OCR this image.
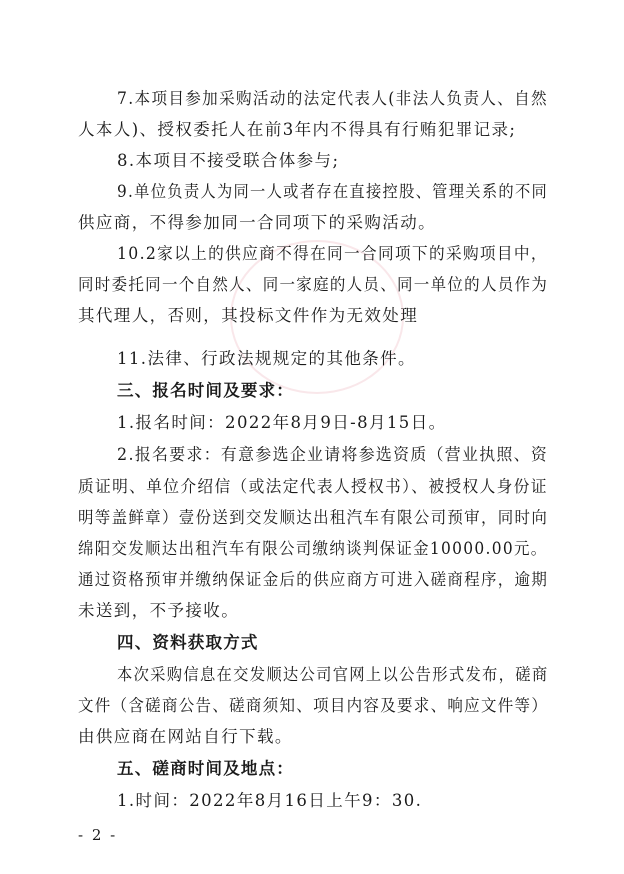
7.本项目参加采购活动的法定代表人(非法人负责人、自然
人本人)、授权委托人在前3年内不得具有行贿犯罪记录;
8.本项目不接受联合体参与;
9.单位负责人为同一人或者存在直接控股、管理关系的不同
供应商，不得参加同一合同项下的采购活动。
10.2家以上的供应商不得在同一合同项下的采购项目中，
同时委托同一个自然人、同一家庭的人员、同一单位的人员作为
其代理人，否则，其投标文件作为无效处理
11.法律、行政法规规定的其他条件。
三、报名时间及要求：
1.报名时间：2022年8月9日-8月15日。
2.报名要求：有意参选企业请将参选资质（营业执照、资
质证明、单位介绍信（或法定代表人授权书）、被授权人身份证
明等盖鲜章）壹份送到交发顺达出租汽车有限公司预审，同时向
绵阳交发顺达出租汽车有限公司缴纳谈判保证金10000.00元。
通过资格预审并缴纳保证金后的供应商方可进入磋商程序，逾期
未送到，不予接收。
四、资料获取方式
本次采购信息在交发顺达公司官网上以公告形式发布，磋商
文件（含磋商公告、磋商须知、项目内容及要求、响应文件等）
由供应商在网站自行下载。
五、磋商时间及地点：
1.时间：2022年8月16日上午9：30.
- 2 -
